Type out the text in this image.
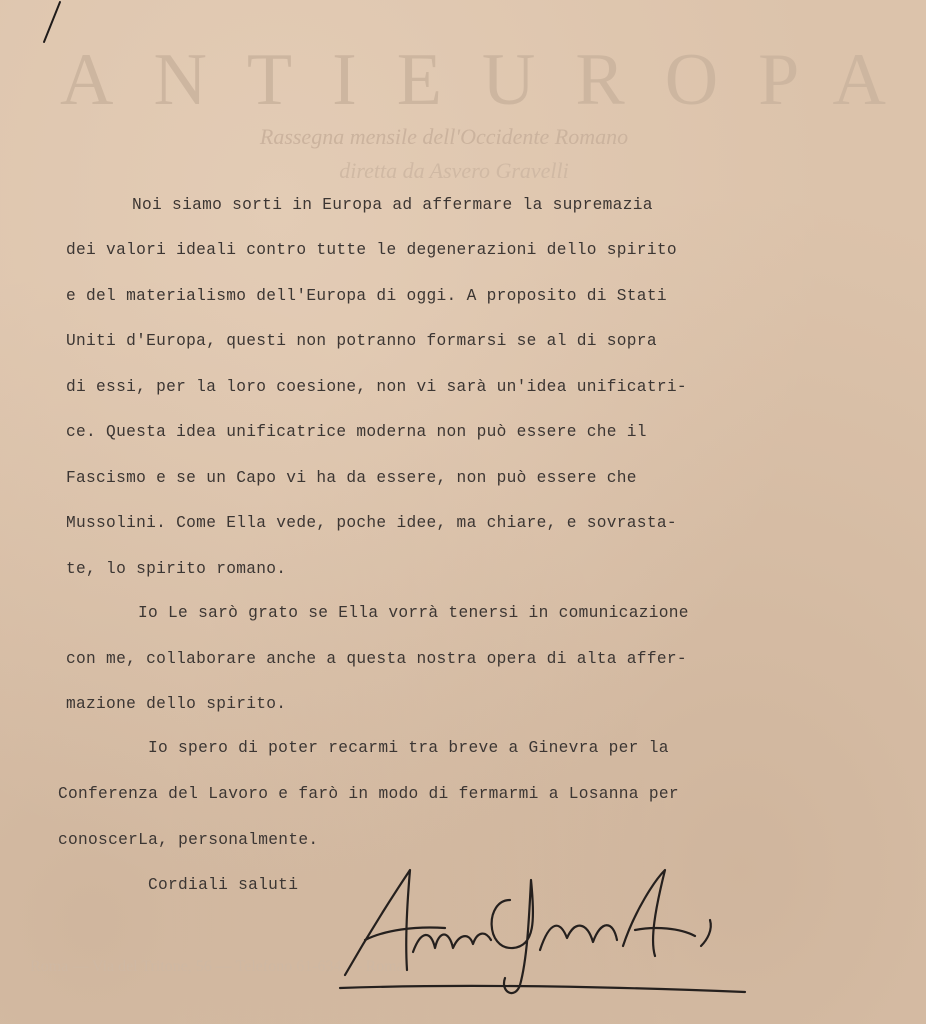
ANTIEUROPA
Rassegna mensile dell'Occidente Romano
diretta da Asvero Gravelli
Roma — Via del Tritone, 56 — Telefono 61-634 — Roma
Noi siamo sorti in Europa ad affermare la supremazia
dei valori ideali contro tutte le degenerazioni dello spirito
e del materialismo dell'Europa di oggi. A proposito di Stati
Uniti d'Europa, questi non potranno formarsi se al di sopra
di essi, per la loro coesione, non vi sarà un'idea unificatri-
ce. Questa idea unificatrice moderna non può essere che il
Fascismo e se un Capo vi ha da essere, non può essere che
Mussolini. Come Ella vede, poche idee, ma chiare, e sovrasta-
te, lo spirito romano.
Io Le sarò grato se Ella vorrà tenersi in comunicazione
con me, collaborare anche a questa nostra opera di alta affer-
mazione dello spirito.
Io spero di poter recarmi tra breve a Ginevra per la
Conferenza del Lavoro e farò in modo di fermarmi a Losanna per
conoscerLa, personalmente.
Cordiali saluti
